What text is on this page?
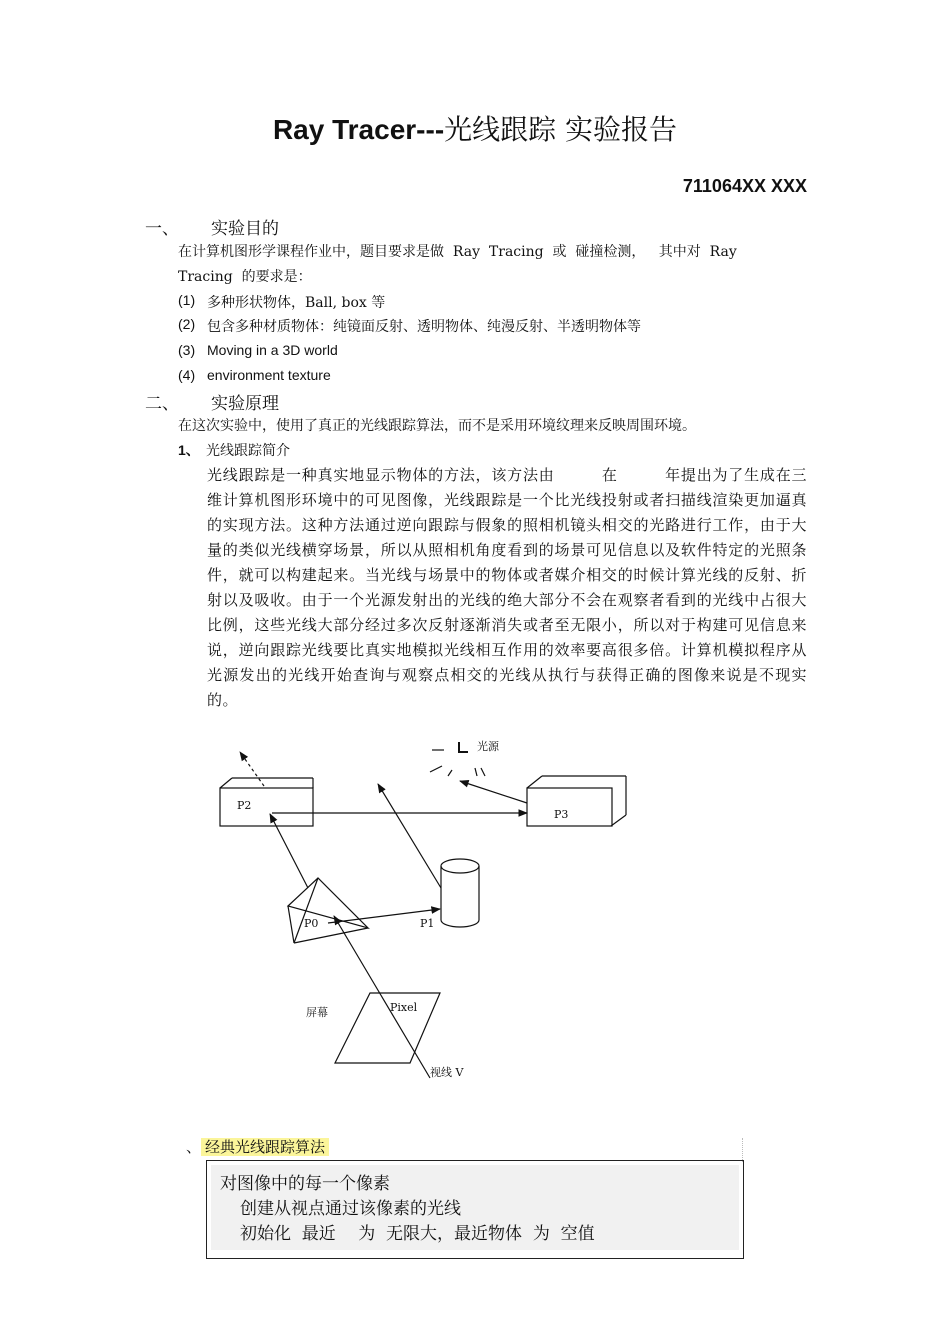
Ray Tracer---光线跟踪 实验报告
711064XX XXX
一、 实验目的
在计算机图形学课程作业中，题目要求是做  Ray  Tracing  或  碰撞检测，   其中对  Ray
Tracing  的要求是：
(1) 多种形状物体，Ball, box 等
(2) 包含多种材质物体：纯镜面反射、透明物体、纯漫反射、半透明物体等
(3) Moving in a 3D world
(4) environment texture
二、 实验原理
在这次实验中，使用了真正的光线跟踪算法，而不是采用环境纹理来反映周围环境。
1、 光线跟踪简介
光线跟踪是一种真实地显示物体的方法，该方法由　　　在　　　年提出为了生成在三维计算机图形环境中的可见图像，光线跟踪是一个比光线投射或者扫描线渲染更加逼真的实现方法。这种方法通过逆向跟踪与假象的照相机镜头相交的光路进行工作，由于大量的类似光线横穿场景，所以从照相机角度看到的场景可见信息以及软件特定的光照条件，就可以构建起来。当光线与场景中的物体或者媒介相交的时候计算光线的反射、折射以及吸收。由于一个光源发射出的光线的绝大部分不会在观察者看到的光线中占很大比例，这些光线大部分经过多次反射逐渐消失或者至无限小，所以对于构建可见信息来说，逆向跟踪光线要比真实地模拟光线相互作用的效率要高很多倍。计算机模拟程序从光源发出的光线开始查询与观察点相交的光线从执行与获得正确的图像来说是不现实的。
光源
P2
P3
P0	P1
屏幕	Pixel
视线 V
、 经典光线跟踪算法
对图像中的每一个像素
创建从视点通过该像素的光线
初始化  最近　 为  无限大，最近物体  为  空值
